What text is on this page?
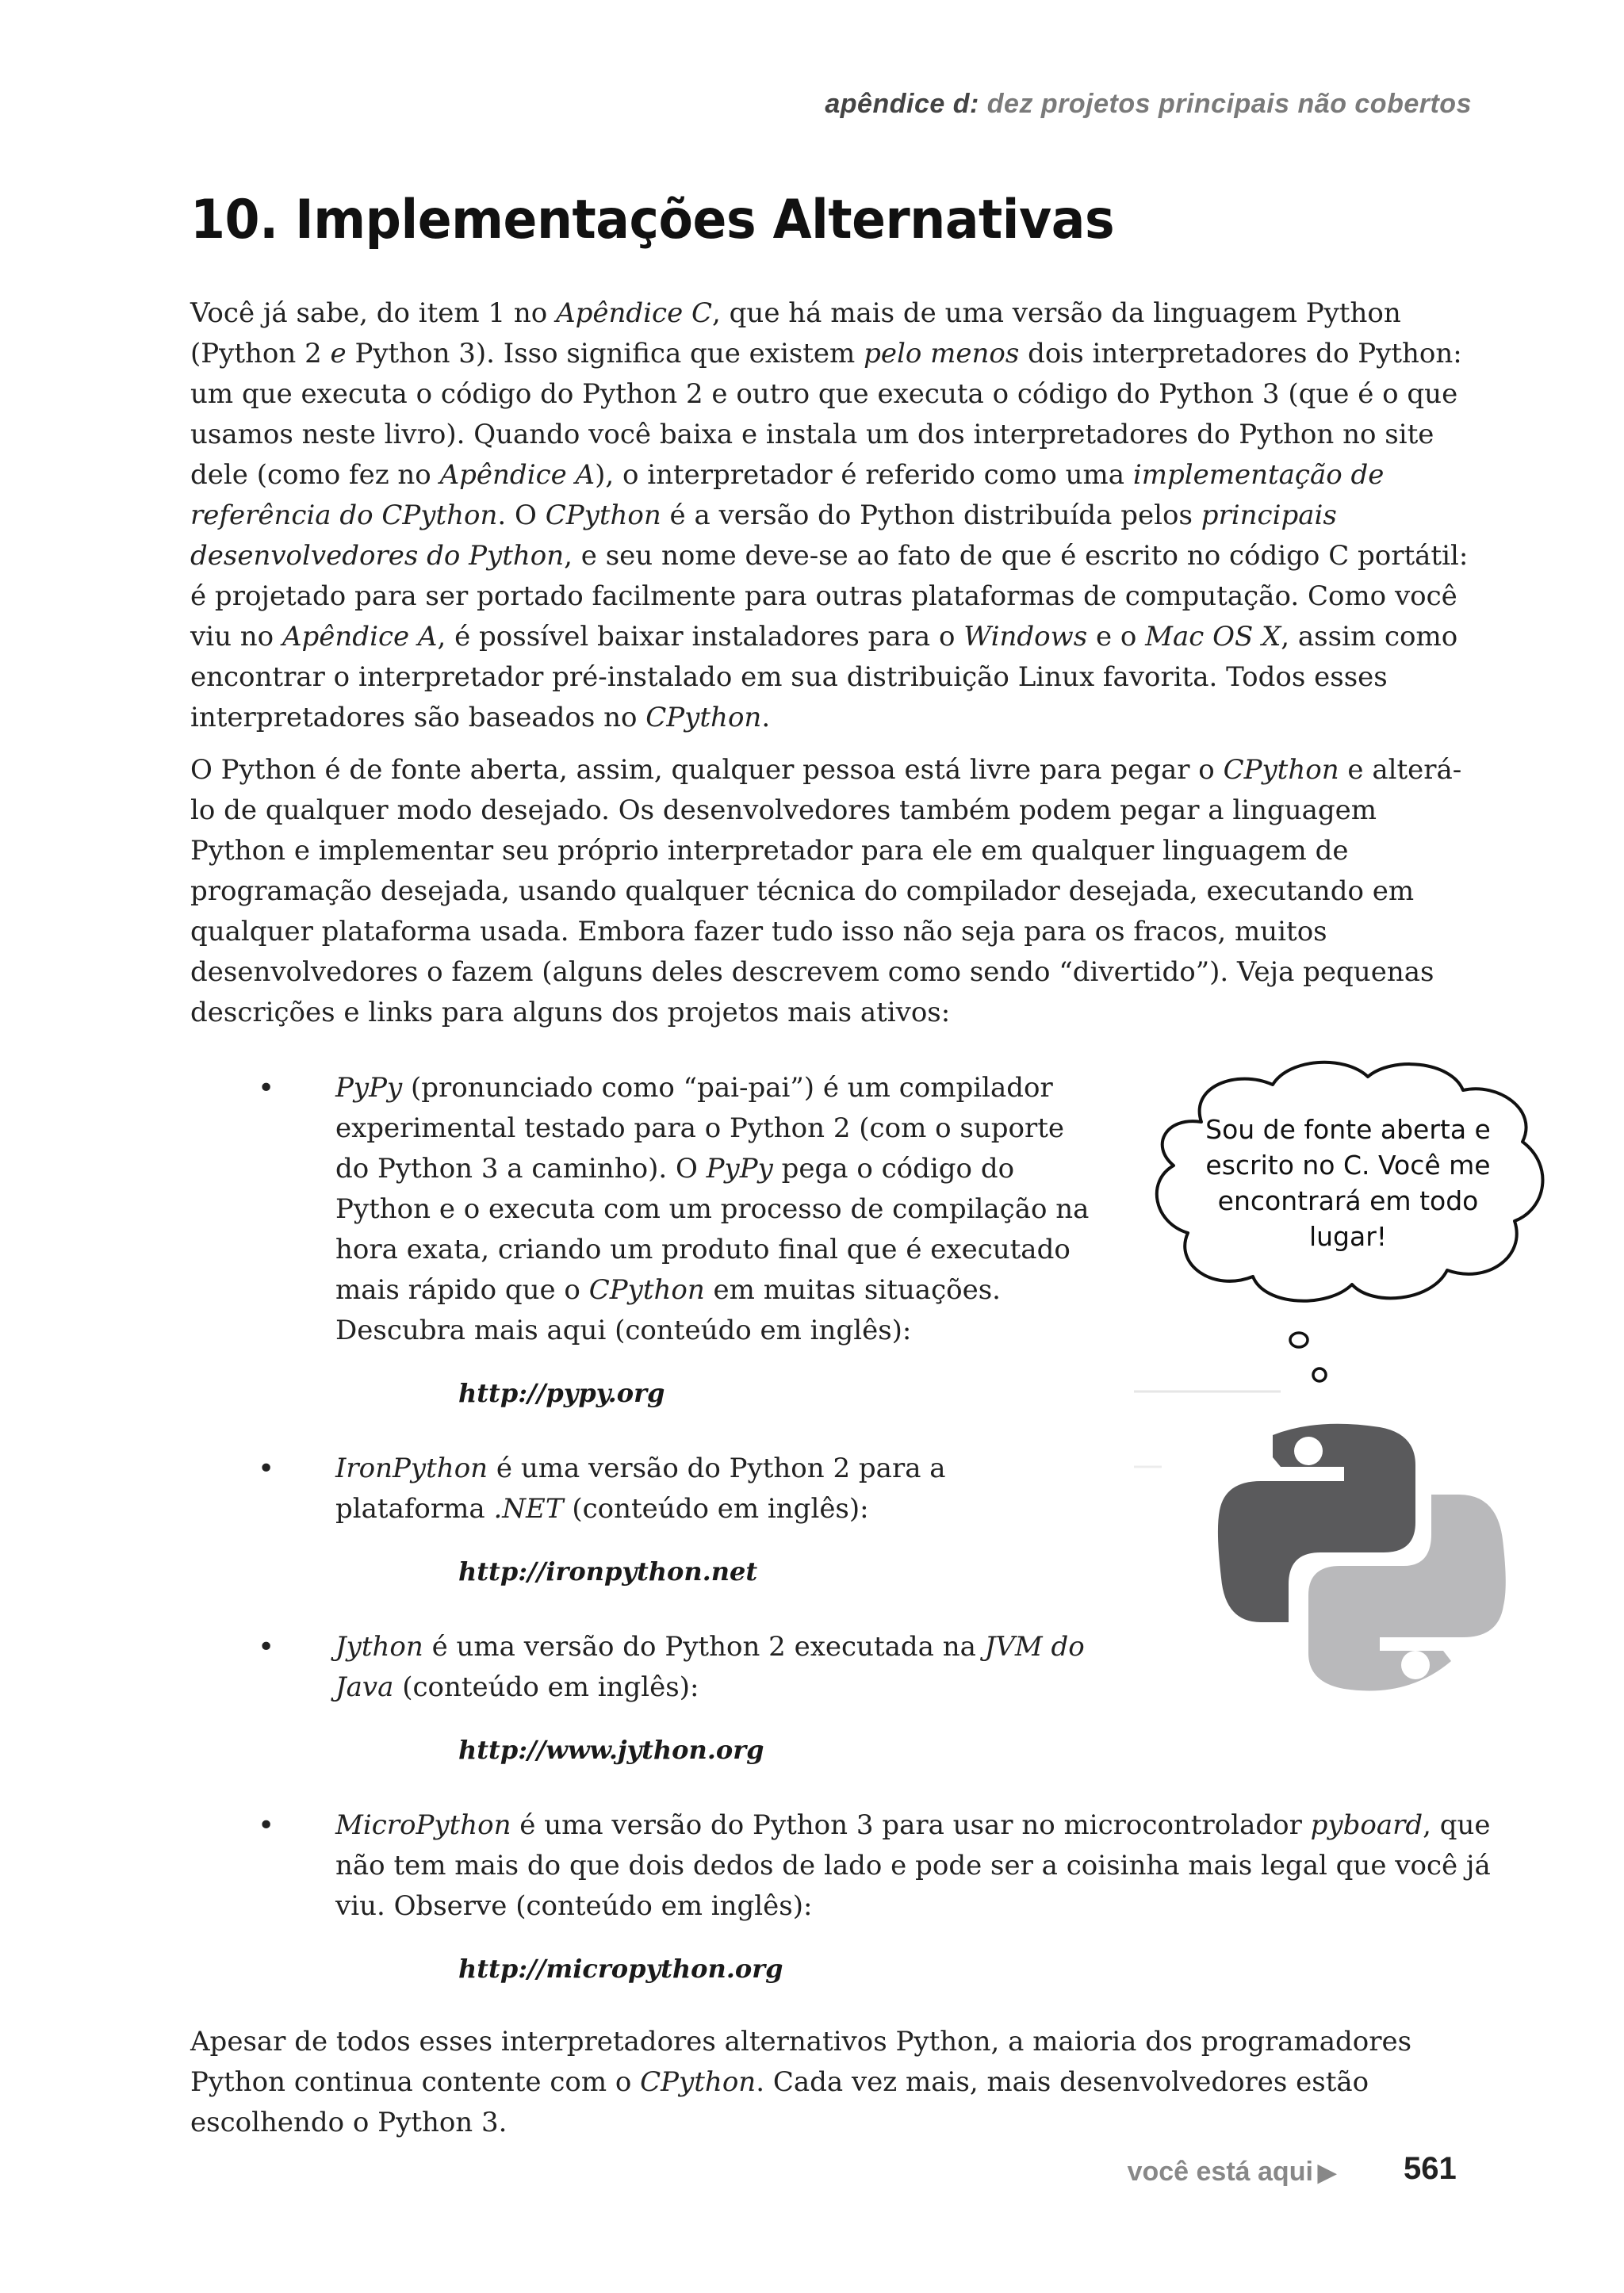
apêndice d: dez projetos principais não cobertos
10. Implementações Alternativas

Você já sabe, do item 1 no Apêndice C, que há mais de uma versão da linguagem Python (Python 2 e Python 3). Isso significa que existem pelo menos dois interpretadores do Python: um que executa o código do Python 2 e outro que executa o código do Python 3 (que é o que usamos neste livro). Quando você baixa e instala um dos interpretadores do Python no site dele (como fez no Apêndice A), o interpretador é referido como uma implementação de referência do CPython. O CPython é a versão do Python distribuída pelos principais desenvolvedores do Python, e seu nome deve-se ao fato de que é escrito no código C portátil: é projetado para ser portado facilmente para outras plataformas de computação. Como você viu no Apêndice A, é possível baixar instaladores para o Windows e o Mac OS X, assim como encontrar o interpretador pré-instalado em sua distribuição Linux favorita. Todos esses interpretadores são baseados no CPython.

O Python é de fonte aberta, assim, qualquer pessoa está livre para pegar o CPython e alterá-lo de qualquer modo desejado. Os desenvolvedores também podem pegar a linguagem Python e implementar seu próprio interpretador para ele em qualquer linguagem de programação desejada, usando qualquer técnica do compilador desejada, executando em qualquer plataforma usada. Embora fazer tudo isso não seja para os fracos, muitos desenvolvedores o fazem (alguns deles descrevem como sendo “divertido”). Veja pequenas descrições e links para alguns dos projetos mais ativos:

• PyPy (pronunciado como “pai-pai”) é um compilador experimental testado para o Python 2 (com o suporte do Python 3 a caminho). O PyPy pega o código do Python e o executa com um processo de compilação na hora exata, criando um produto final que é executado mais rápido que o CPython em muitas situações. Descubra mais aqui (conteúdo em inglês):
http://pypy.org
• IronPython é uma versão do Python 2 para a plataforma .NET (conteúdo em inglês):
http://ironpython.net
• Jython é uma versão do Python 2 executada na JVM do Java (conteúdo em inglês):
http://www.jython.org
• MicroPython é uma versão do Python 3 para usar no microcontrolador pyboard, que não tem mais do que dois dedos de lado e pode ser a coisinha mais legal que você já viu. Observe (conteúdo em inglês):
http://micropython.org
Sou de fonte aberta e escrito no C. Você me encontrará em todo lugar!

Apesar de todos esses interpretadores alternativos Python, a maioria dos programadores Python continua contente com o CPython. Cada vez mais, mais desenvolvedores estão escolhendo o Python 3.

você está aqui ▶ 561
